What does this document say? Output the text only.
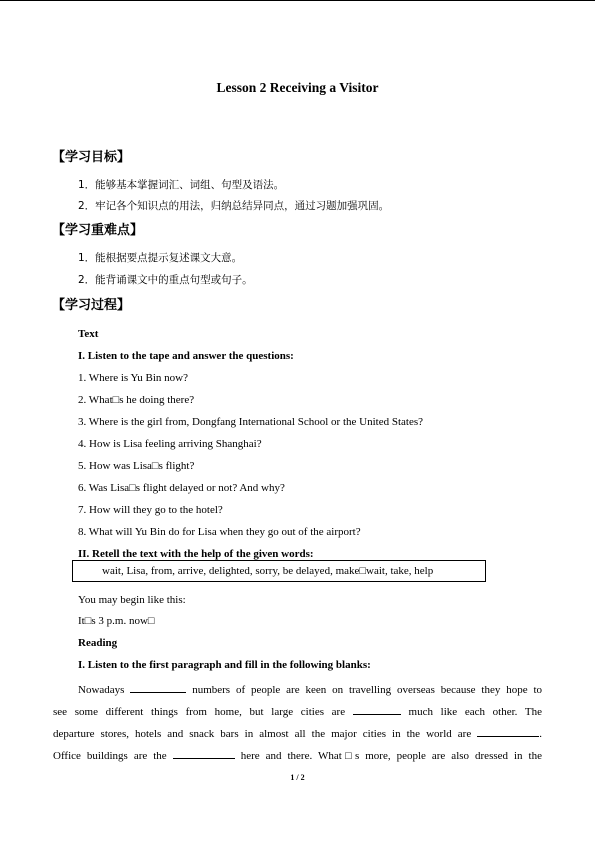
Lesson 2 Receiving a Visitor
【学习目标】
1．能够基本掌握词汇、词组、句型及语法。
2．牢记各个知识点的用法，归纳总结异同点，通过习题加强巩固。
【学习重难点】
1．能根据要点提示复述课文大意。
2．能背诵课文中的重点句型或句子。
【学习过程】
Text
I. Listen to the tape and answer the questions:
1. Where is Yu Bin now?
2. What□s he doing there?
3. Where is the girl from, Dongfang International School or the United States?
4. How is Lisa feeling arriving Shanghai?
5. How was Lisa□s flight?
6. Was Lisa□s flight delayed or not? And why?
7. How will they go to the hotel?
8. What will Yu Bin do for Lisa when they go out of the airport?
II. Retell the text with the help of the given words:
wait, Lisa, from, arrive, delighted, sorry, be delayed, make□wait, take, help
You may begin like this:
It□s 3 p.m. now□
Reading
I. Listen to the first paragraph and fill in the following blanks:
Nowadays	numbers of people are keen on travelling overseas because they hope to
see some different things from home, but large cities are	much like each other. The
departure stores, hotels and snack bars in almost all the major cities in the world are	.
Office buildings are the	here and there. What□s more, people are also dressed in the
1 / 2
